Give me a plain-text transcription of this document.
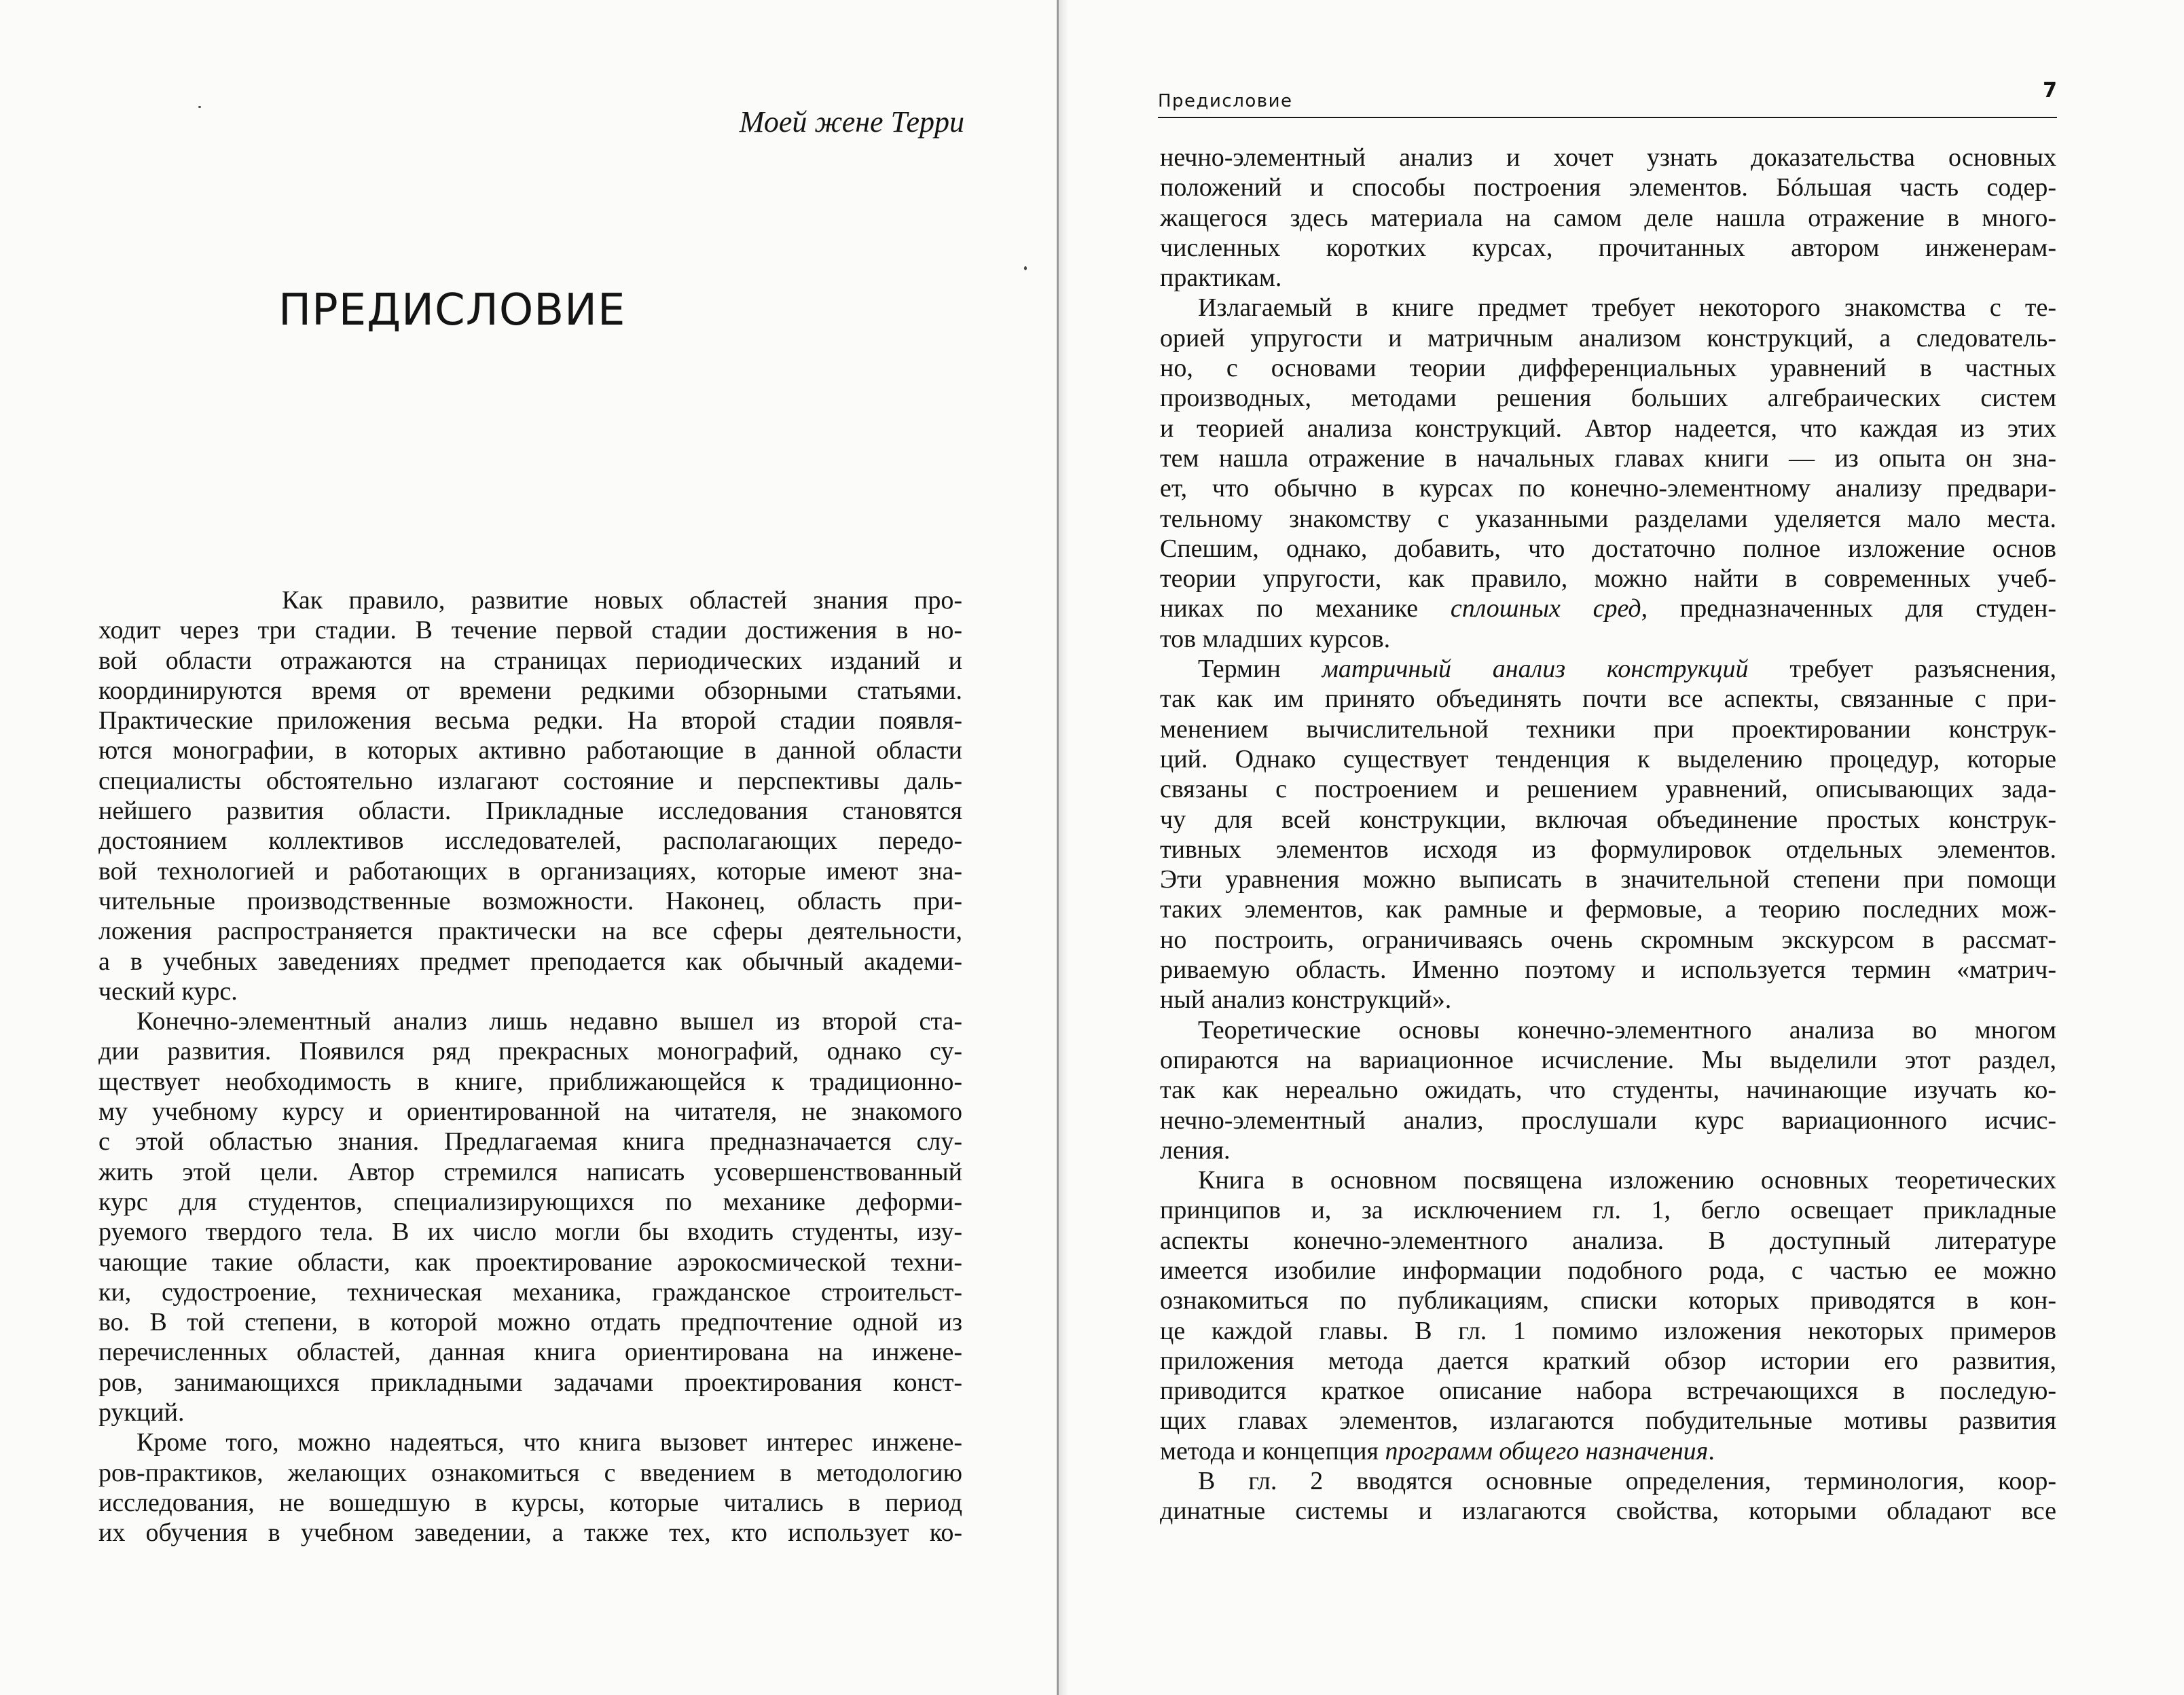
Моей жене Терри
ПРЕДИСЛОВИЕ
Как правило, развитие новых областей знания про-
ходит через три стадии. В течение первой стадии достижения в но-
вой области отражаются на страницах периодических изданий и
координируются время от времени редкими обзорными статьями.
Практические приложения весьма редки. На второй стадии появля-
ются монографии, в которых активно работающие в данной области
специалисты обстоятельно излагают состояние и перспективы даль-
нейшего развития области. Прикладные исследования становятся
достоянием коллективов исследователей, располагающих передо-
вой технологией и работающих в организациях, которые имеют зна-
чительные производственные возможности. Наконец, область при-
ложения распространяется практически на все сферы деятельности,
а в учебных заведениях предмет преподается как обычный академи-
ческий курс.
Конечно-элементный анализ лишь недавно вышел из второй ста-
дии развития. Появился ряд прекрасных монографий, однако су-
ществует необходимость в книге, приближающейся к традиционно-
му учебному курсу и ориентированной на читателя, не знакомого
с этой областью знания. Предлагаемая книга предназначается слу-
жить этой цели. Автор стремился написать усовершенствованный
курс для студентов, специализирующихся по механике деформи-
руемого твердого тела. В их число могли бы входить студенты, изу-
чающие такие области, как проектирование аэрокосмической техни-
ки, судостроение, техническая механика, гражданское строительст-
во. В той степени, в которой можно отдать предпочтение одной из
перечисленных областей, данная книга ориентирована на инжене-
ров, занимающихся прикладными задачами проектирования конст-
рукций.
Кроме того, можно надеяться, что книга вызовет интерес инжене-
ров-практиков, желающих ознакомиться с введением в методологию
исследования, не вошедшую в курсы, которые читались в период
их обучения в учебном заведении, а также тех, кто использует ко-
Предисловие	7
нечно-элементный анализ и хочет узнать доказательства основных
положений и способы построения элементов. Бóльшая часть содер-
жащегося здесь материала на самом деле нашла отражение в много-
численных коротких курсах, прочитанных автором инженерам-
практикам.
Излагаемый в книге предмет требует некоторого знакомства с те-
орией упругости и матричным анализом конструкций, а следователь-
но, с основами теории дифференциальных уравнений в частных
производных, методами решения больших алгебраических систем
и теорией анализа конструкций. Автор надеется, что каждая из этих
тем нашла отражение в начальных главах книги — из опыта он зна-
ет, что обычно в курсах по конечно-элементному анализу предвари-
тельному знакомству с указанными разделами уделяется мало места.
Спешим, однако, добавить, что достаточно полное изложение основ
теории упругости, как правило, можно найти в современных учеб-
никах по механике сплошных сред, предназначенных для студен-
тов младших курсов.
Термин матричный анализ конструкций требует разъяснения,
так как им принято объединять почти все аспекты, связанные с при-
менением вычислительной техники при проектировании конструк-
ций. Однако существует тенденция к выделению процедур, которые
связаны с построением и решением уравнений, описывающих зада-
чу для всей конструкции, включая объединение простых конструк-
тивных элементов исходя из формулировок отдельных элементов.
Эти уравнения можно выписать в значительной степени при помощи
таких элементов, как рамные и фермовые, а теорию последних мож-
но построить, ограничиваясь очень скромным экскурсом в рассмат-
риваемую область. Именно поэтому и используется термин «матрич-
ный анализ конструкций».
Теоретические основы конечно-элементного анализа во многом
опираются на вариационное исчисление. Мы выделили этот раздел,
так как нереально ожидать, что студенты, начинающие изучать ко-
нечно-элементный анализ, прослушали курс вариационного исчис-
ления.
Книга в основном посвящена изложению основных теоретических
принципов и, за исключением гл. 1, бегло освещает прикладные
аспекты конечно-элементного анализа. В доступный литературе
имеется изобилие информации подобного рода, с частью ее можно
ознакомиться по публикациям, списки которых приводятся в кон-
це каждой главы. В гл. 1 помимо изложения некоторых примеров
приложения метода дается краткий обзор истории его развития,
приводится краткое описание набора встречающихся в последую-
щих главах элементов, излагаются побудительные мотивы развития
метода и концепция программ общего назначения.
В гл. 2 вводятся основные определения, терминология, коор-
динатные системы и излагаются свойства, которыми обладают все
